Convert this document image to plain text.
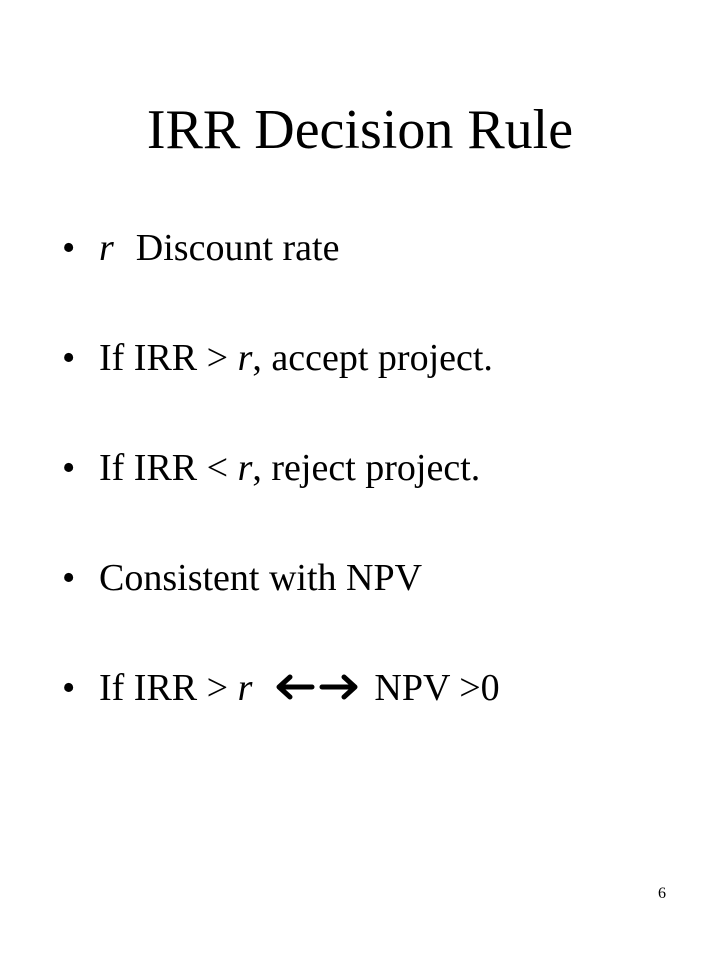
IRR Decision Rule
• r Discount rate
• If IRR > r, accept project.
• If IRR < r, reject project.
• Consistent with NPV
• If IRR > r	NPV >0
6
